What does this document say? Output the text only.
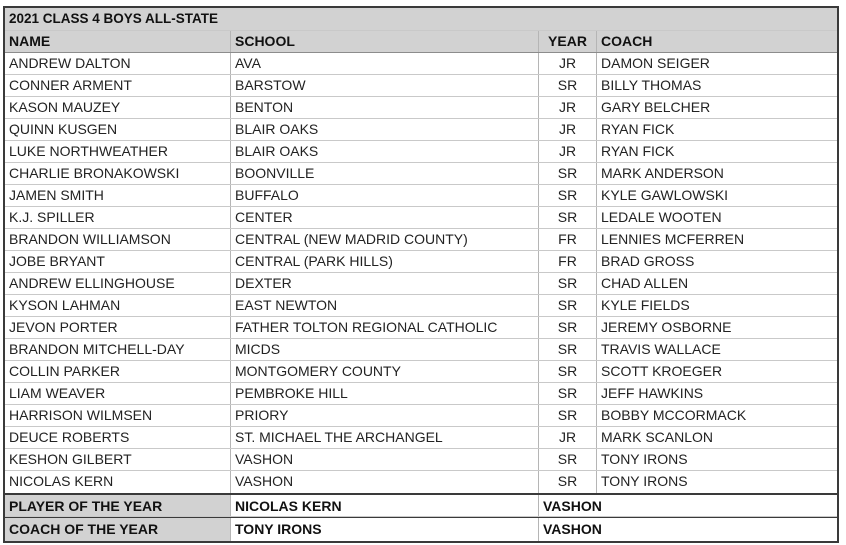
2021 CLASS 4 BOYS ALL-STATE
NAME	SCHOOL	YEAR	COACH
ANDREW DALTON	AVA	JR	DAMON SEIGER
CONNER ARMENT	BARSTOW	SR	BILLY THOMAS
KASON MAUZEY	BENTON	JR	GARY BELCHER
QUINN KUSGEN	BLAIR OAKS	JR	RYAN FICK
LUKE NORTHWEATHER	BLAIR OAKS	JR	RYAN FICK
CHARLIE BRONAKOWSKI	BOONVILLE	SR	MARK ANDERSON
JAMEN SMITH	BUFFALO	SR	KYLE GAWLOWSKI
K.J. SPILLER	CENTER	SR	LEDALE WOOTEN
BRANDON WILLIAMSON	CENTRAL (NEW MADRID COUNTY)	FR	LENNIES MCFERREN
JOBE BRYANT	CENTRAL (PARK HILLS)	FR	BRAD GROSS
ANDREW ELLINGHOUSE	DEXTER	SR	CHAD ALLEN
KYSON LAHMAN	EAST NEWTON	SR	KYLE FIELDS
JEVON PORTER	FATHER TOLTON REGIONAL CATHOLIC	SR	JEREMY OSBORNE
BRANDON MITCHELL-DAY	MICDS	SR	TRAVIS WALLACE
COLLIN PARKER	MONTGOMERY COUNTY	SR	SCOTT KROEGER
LIAM WEAVER	PEMBROKE HILL	SR	JEFF HAWKINS
HARRISON WILMSEN	PRIORY	SR	BOBBY MCCORMACK
DEUCE ROBERTS	ST. MICHAEL THE ARCHANGEL	JR	MARK SCANLON
KESHON GILBERT	VASHON	SR	TONY IRONS
NICOLAS KERN	VASHON	SR	TONY IRONS
PLAYER OF THE YEAR	NICOLAS KERN	VASHON
COACH OF THE YEAR	TONY IRONS	VASHON
